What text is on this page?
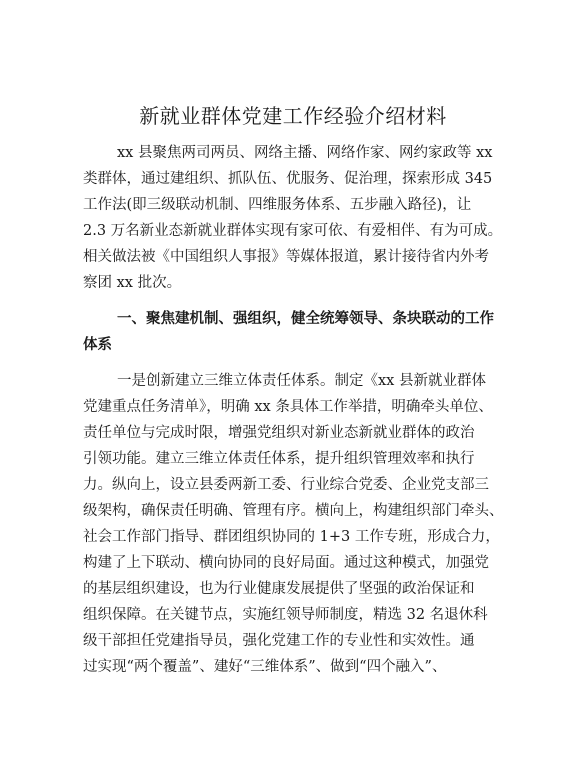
新就业群体党建工作经验介绍材料
xx 县聚焦两司两员、网络主播、网络作家、网约家政等 xx
类群体，通过建组织、抓队伍、优服务、促治理，探索形成 345
工作法(即三级联动机制、四维服务体系、五步融入路径)，让
2.3 万名新业态新就业群体实现有家可依、有爱相伴、有为可成。
相关做法被《中国组织人事报》等媒体报道，累计接待省内外考
察团 xx 批次。
一、聚焦建机制、强组织，健全统筹领导、条块联动的工作
体系
一是创新建立三维立体责任体系。制定《xx 县新就业群体
党建重点任务清单》，明确 xx 条具体工作举措，明确牵头单位、
责任单位与完成时限，增强党组织对新业态新就业群体的政治
引领功能。建立三维立体责任体系，提升组织管理效率和执行
力。纵向上，设立县委两新工委、行业综合党委、企业党支部三
级架构，确保责任明确、管理有序。横向上，构建组织部门牵头、
社会工作部门指导、群团组织协同的 1+3 工作专班，形成合力，
构建了上下联动、横向协同的良好局面。通过这种模式，加强党
的基层组织建设，也为行业健康发展提供了坚强的政治保证和
组织保障。在关键节点，实施红领导师制度，精选 32 名退休科
级干部担任党建指导员，强化党建工作的专业性和实效性。通
过实现“两个覆盖”、建好“三维体系”、做到“四个融入”、
